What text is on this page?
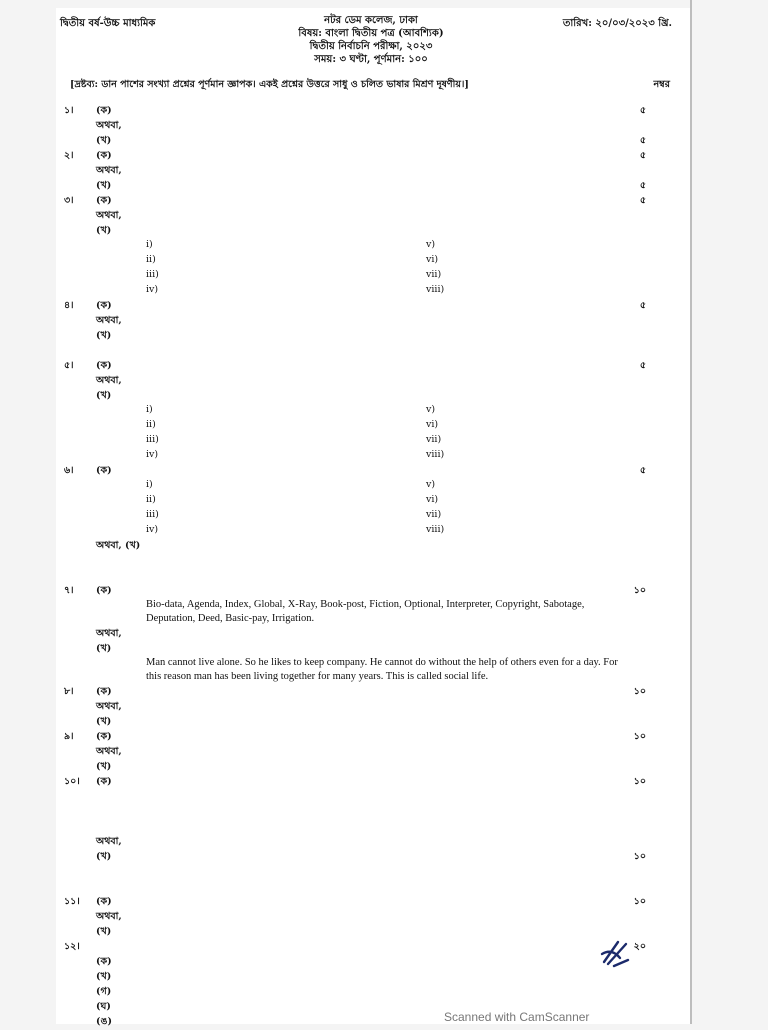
দ্বিতীয় বর্ষ-উচ্চ মাধ্যমিক	তারিখ: ২০/০৩/২০২৩ খ্রি.
নটর ডেম কলেজ, ঢাকা
বিষয়: বাংলা দ্বিতীয় পত্র (আবশ্যিক)
দ্বিতীয় নির্বাচনি পরীক্ষা, ২০২৩
সময়: ৩ ঘণ্টা, পূর্ণমান: ১০০
[দ্রষ্টব্য: ডান পাশের সংখ্যা প্রশ্নের পূর্ণমান জ্ঞাপক। একই প্রশ্নের উত্তরে সাধু ও চলিত ভাষার মিশ্রণ দূষণীয়।]	নম্বর
১।	(ক)	৫
অথবা,
(খ)	৫
২।	(ক)	৫
অথবা,
(খ)	৫
৩।	(ক)	৫
অথবা,
(খ)
i)	v)
ii)	vi)
iii)	vii)
iv)	viii)
৪।	(ক)	৫
অথবা,
(খ)
৫।	(ক)	৫
অথবা,
(খ)
i)	v)
ii)	vi)
iii)	vii)
iv)	viii)
৬।	(ক)	৫
i)	v)
ii)	vi)
iii)	vii)
iv)	viii)
অথবা, (খ)
৭।	(ক)	১০
Bio-data, Agenda, Index, Global, X-Ray, Book-post, Fiction, Optional, Interpreter, Copyright, Sabotage,
Deputation, Deed, Basic-pay, Irrigation.
অথবা,
(খ)
Man cannot live alone. So he likes to keep company. He cannot do without the help of others even for a day. For
this reason man has been living together for many years. This is called social life.
৮।	(ক)	১০
অথবা,
(খ)
৯।	(ক)	১০
অথবা,
(খ)
১০।	(ক)	১০
অথবা,
(খ)	১০
১১।	(ক)	১০
অথবা,
(খ)
১২।	২০
(ক)
(খ)
(গ)
(ঘ)
(ঙ)	Scanned with CamScanner
